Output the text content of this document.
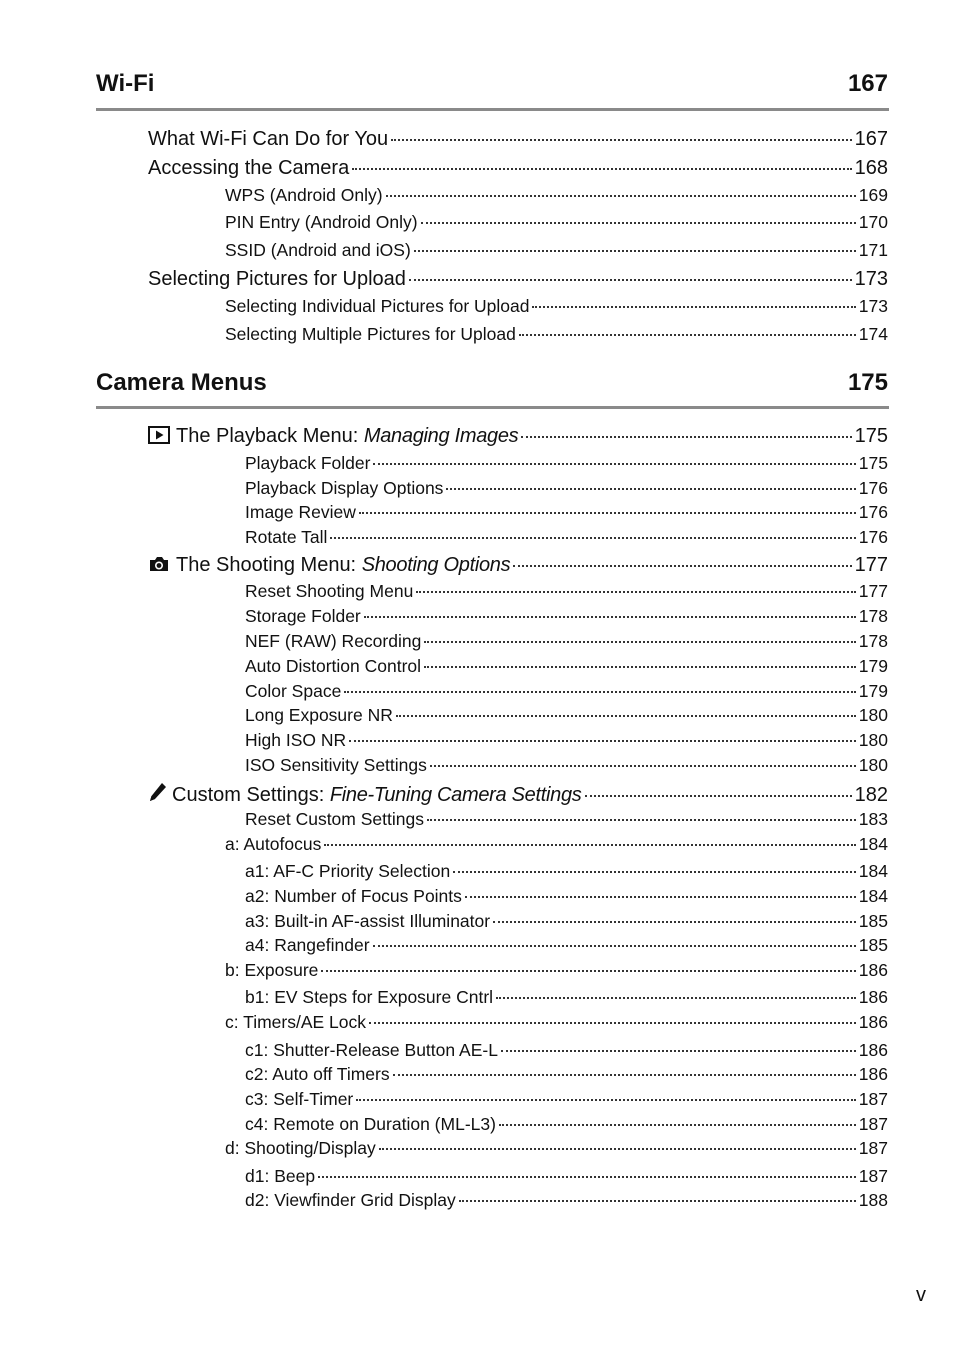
Wi-Fi	167
What Wi-Fi Can Do for You	167
Accessing the Camera	168
WPS (Android Only)	169
PIN Entry (Android Only)	170
SSID (Android and iOS)	171
Selecting Pictures for Upload	173
Selecting Individual Pictures for Upload	173
Selecting Multiple Pictures for Upload	174
Camera Menus	175
The Playback Menu: Managing Images	175
Playback Folder	175
Playback Display Options	176
Image Review	176
Rotate Tall	176
The Shooting Menu: Shooting Options	177
Reset Shooting Menu	177
Storage Folder	178
NEF (RAW) Recording	178
Auto Distortion Control	179
Color Space	179
Long Exposure NR	180
High ISO NR	180
ISO Sensitivity Settings	180
Custom Settings: Fine-Tuning Camera Settings	182
Reset Custom Settings	183
a: Autofocus	184
a1: AF-C Priority Selection	184
a2: Number of Focus Points	184
a3: Built-in AF-assist Illuminator	185
a4: Rangefinder	185
b: Exposure	186
b1: EV Steps for Exposure Cntrl	186
c: Timers/AE Lock	186
c1: Shutter-Release Button AE-L	186
c2: Auto off Timers	186
c3: Self-Timer	187
c4: Remote on Duration (ML-L3)	187
d: Shooting/Display	187
d1: Beep	187
d2: Viewfinder Grid Display	188
v
